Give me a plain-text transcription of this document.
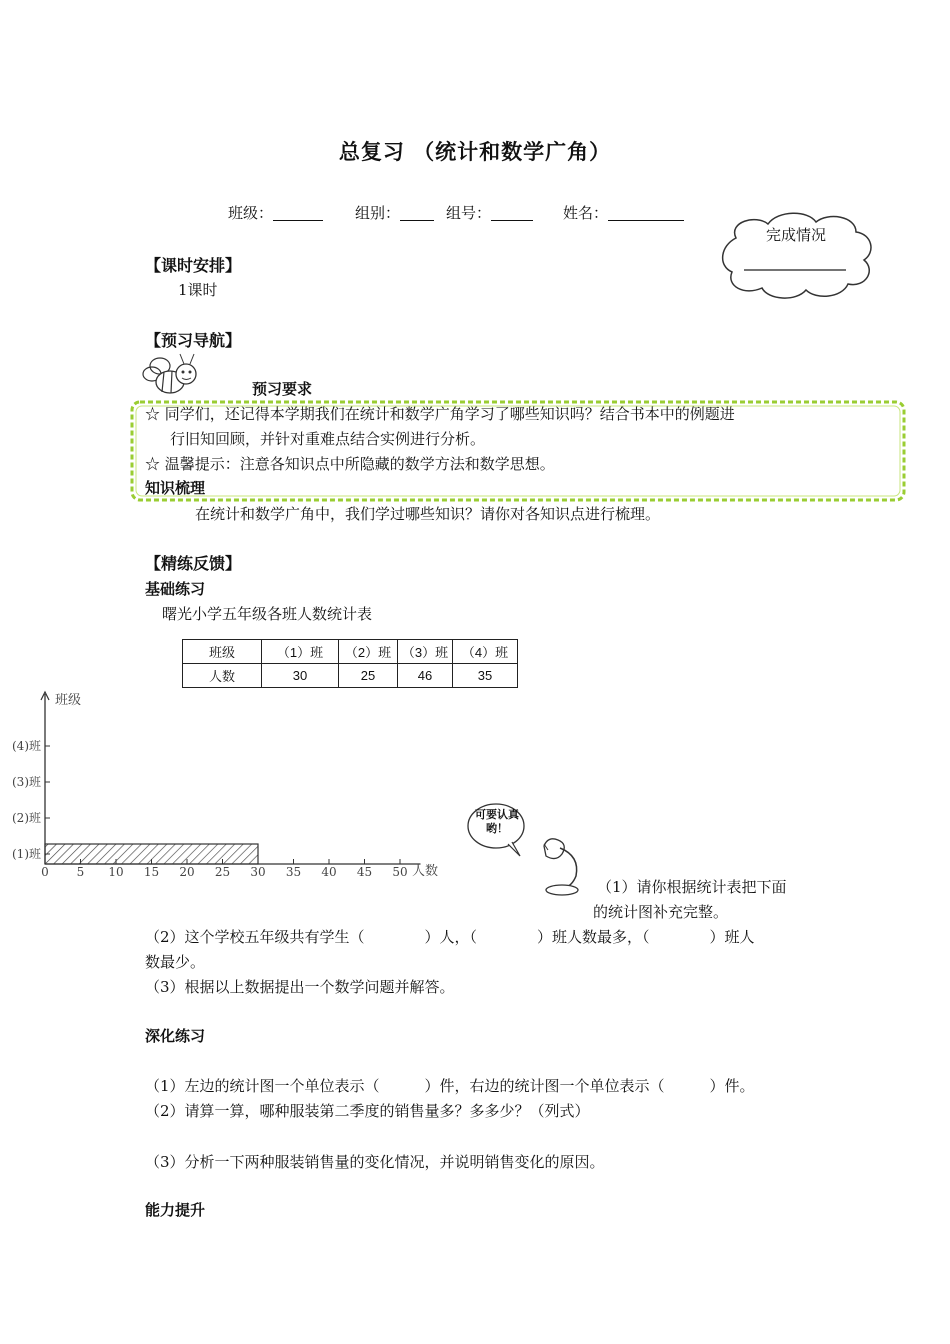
总复习 （统计和数学广角）
班级：	组别：	组号：	姓名：
完成情况
【课时安排】
1课时
【预习导航】
预习要求
☆ 同学们，还记得本学期我们在统计和数学广角学习了哪些知识吗？结合书本中的例题进
行旧知回顾，并针对重难点结合实例进行分析。
☆ 温馨提示：注意各知识点中所隐藏的数学方法和数学思想。
知识梳理
在统计和数学广角中，我们学过哪些知识？请你对各知识点进行梳理。
【精练反馈】
基础练习
曙光小学五年级各班人数统计表
班级	（1）班	（2）班	（3）班	（4）班
人数	30	25	46	35
班级
人数
0 5 10 15 20 25 30 35 40 45 50
(1)班
(2)班
(3)班
(4)班
可要认真哟！
（1）请你根据统计表把下面
的统计图补充完整。
（2）这个学校五年级共有学生（　　　　）人，（　　　　）班人数最多，（　　　　）班人
数最少。
（3）根据以上数据提出一个数学问题并解答。
深化练习
（1）左边的统计图一个单位表示（　　　）件，右边的统计图一个单位表示（　　　）件。
（2）请算一算，哪种服装第二季度的销售量多？多多少？（列式）
（3）分析一下两种服装销售量的变化情况，并说明销售变化的原因。
能力提升
